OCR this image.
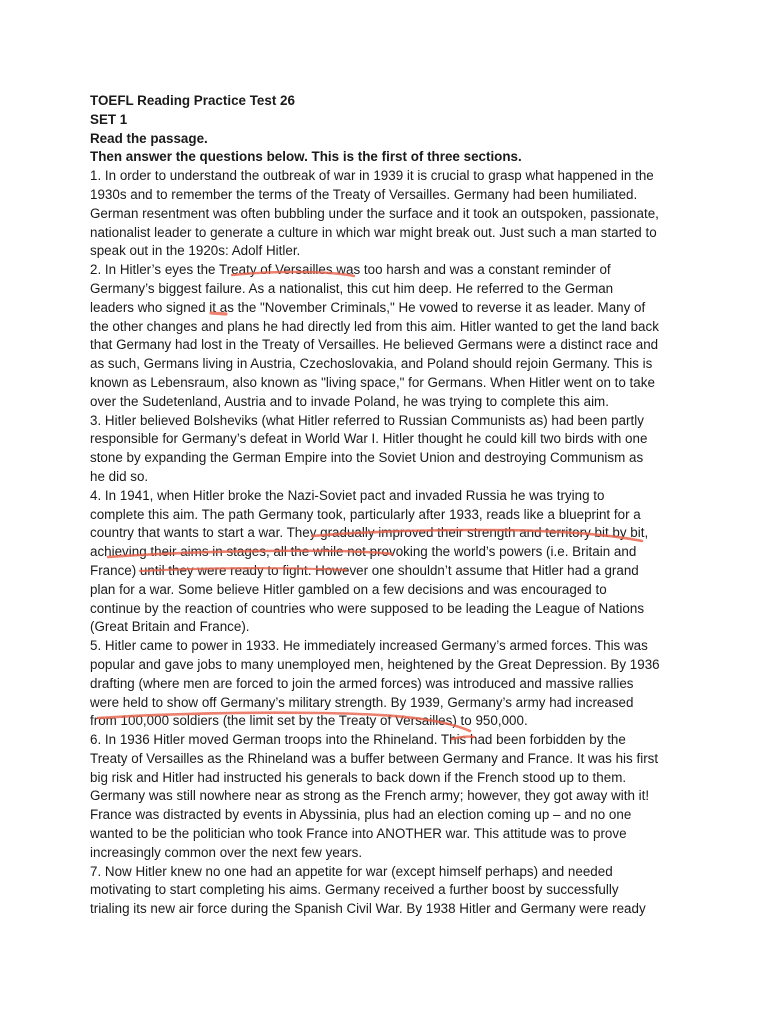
TOEFL Reading Practice Test 26
SET 1
Read the passage.
Then answer the questions below. This is the first of three sections.
1. In order to understand the outbreak of war in 1939 it is crucial to grasp what happened in the
1930s and to remember the terms of the Treaty of Versailles. Germany had been humiliated.
German resentment was often bubbling under the surface and it took an outspoken, passionate,
nationalist leader to generate a culture in which war might break out. Just such a man started to
speak out in the 1920s: Adolf Hitler.
2. In Hitler’s eyes the Treaty of Versailles was too harsh and was a constant reminder of
Germany’s biggest failure. As a nationalist, this cut him deep. He referred to the German
leaders who signed it as the "November Criminals," He vowed to reverse it as leader. Many of
the other changes and plans he had directly led from this aim. Hitler wanted to get the land back
that Germany had lost in the Treaty of Versailles. He believed Germans were a distinct race and
as such, Germans living in Austria, Czechoslovakia, and Poland should rejoin Germany. This is
known as Lebensraum, also known as "living space," for Germans. When Hitler went on to take
over the Sudetenland, Austria and to invade Poland, he was trying to complete this aim.
3. Hitler believed Bolsheviks (what Hitler referred to Russian Communists as) had been partly
responsible for Germany’s defeat in World War I. Hitler thought he could kill two birds with one
stone by expanding the German Empire into the Soviet Union and destroying Communism as
he did so.
4. In 1941, when Hitler broke the Nazi-Soviet pact and invaded Russia he was trying to
complete this aim. The path Germany took, particularly after 1933, reads like a blueprint for a
country that wants to start a war. They gradually improved their strength and territory bit by bit,
achieving their aims in stages, all the while not provoking the world’s powers (i.e. Britain and
France) until they were ready to fight. However one shouldn’t assume that Hitler had a grand
plan for a war. Some believe Hitler gambled on a few decisions and was encouraged to
continue by the reaction of countries who were supposed to be leading the League of Nations
(Great Britain and France).
5. Hitler came to power in 1933. He immediately increased Germany’s armed forces. This was
popular and gave jobs to many unemployed men, heightened by the Great Depression. By 1936
drafting (where men are forced to join the armed forces) was introduced and massive rallies
were held to show off Germany’s military strength. By 1939, Germany’s army had increased
from 100,000 soldiers (the limit set by the Treaty of Versailles) to 950,000.
6. In 1936 Hitler moved German troops into the Rhineland. This had been forbidden by the
Treaty of Versailles as the Rhineland was a buffer between Germany and France. It was his first
big risk and Hitler had instructed his generals to back down if the French stood up to them.
Germany was still nowhere near as strong as the French army; however, they got away with it!
France was distracted by events in Abyssinia, plus had an election coming up – and no one
wanted to be the politician who took France into ANOTHER war. This attitude was to prove
increasingly common over the next few years.
7. Now Hitler knew no one had an appetite for war (except himself perhaps) and needed
motivating to start completing his aims. Germany received a further boost by successfully
trialing its new air force during the Spanish Civil War. By 1938 Hitler and Germany were ready
